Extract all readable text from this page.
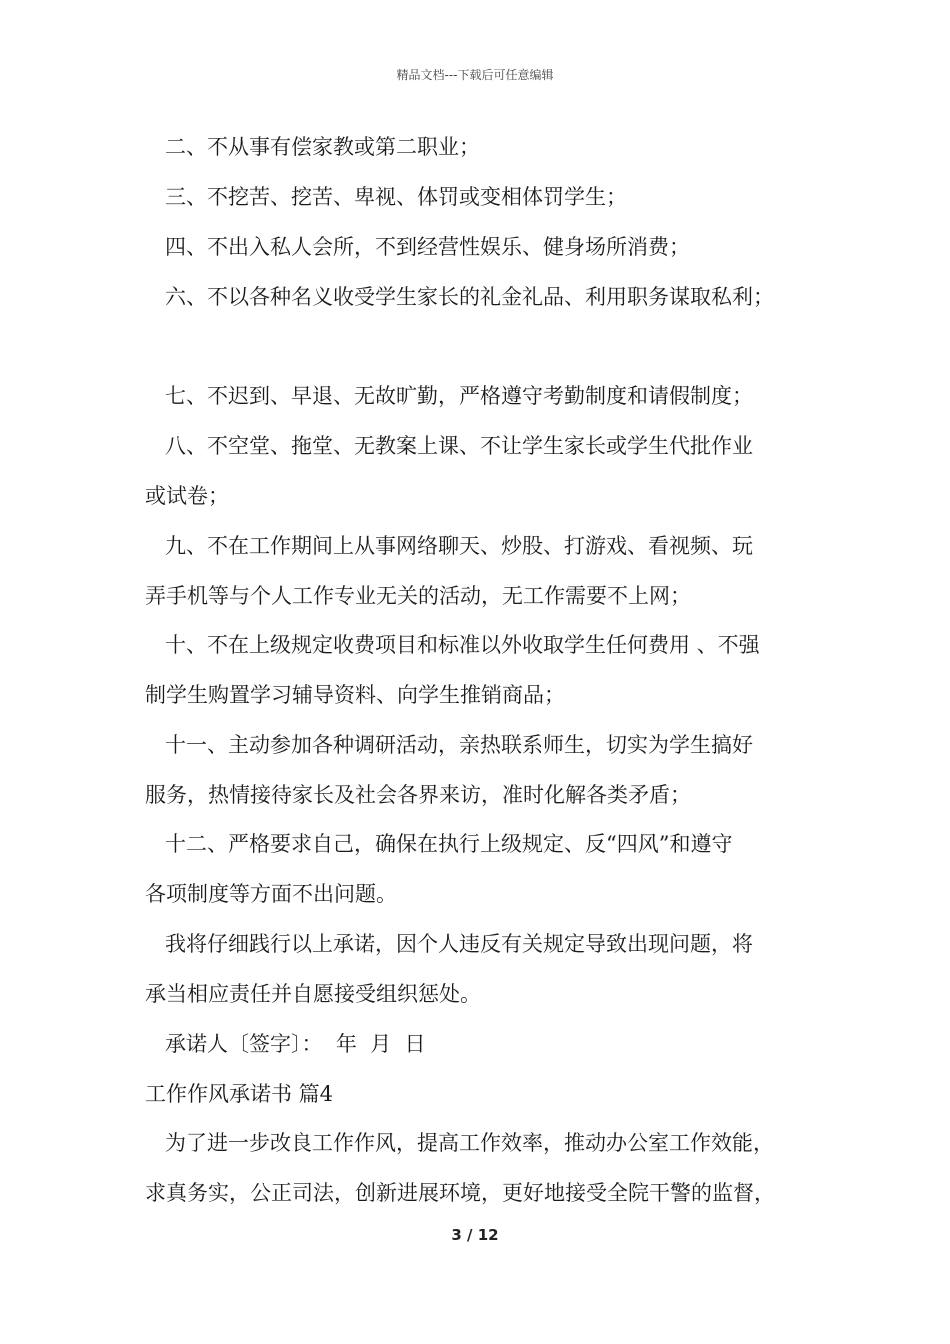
精品文档---下载后可任意编辑
二、不从事有偿家教或第二职业；
三、不挖苦、挖苦、卑视、体罚或变相体罚学生；
四、不出入私人会所，不到经营性娱乐、健身场所消费；
六、不以各种名义收受学生家长的礼金礼品、利用职务谋取私利；
七、不迟到、早退、无故旷勤，严格遵守考勤制度和请假制度；
八、不空堂、拖堂、无教案上课、不让学生家长或学生代批作业
或试卷；
九、不在工作期间上从事网络聊天、炒股、打游戏、看视频、玩
弄手机等与个人工作专业无关的活动，无工作需要不上网；
十、不在上级规定收费项目和标准以外收取学生任何费用 、不强
制学生购置学习辅导资料、向学生推销商品；
十一、主动参加各种调研活动，亲热联系师生，切实为学生搞好
服务，热情接待家长及社会各界来访，准时化解各类矛盾；
十二、严格要求自己，确保在执行上级规定、反“四风”和遵守
各项制度等方面不出问题。
我将仔细践行以上承诺，因个人违反有关规定导致出现问题，将
承当相应责任并自愿接受组织惩处。
承诺人〔签字〕：  年  月  日
工作作风承诺书 篇4
为了进一步改良工作作风，提高工作效率，推动办公室工作效能，
求真务实，公正司法，创新进展环境，更好地接受全院干警的监督，
3 / 12
